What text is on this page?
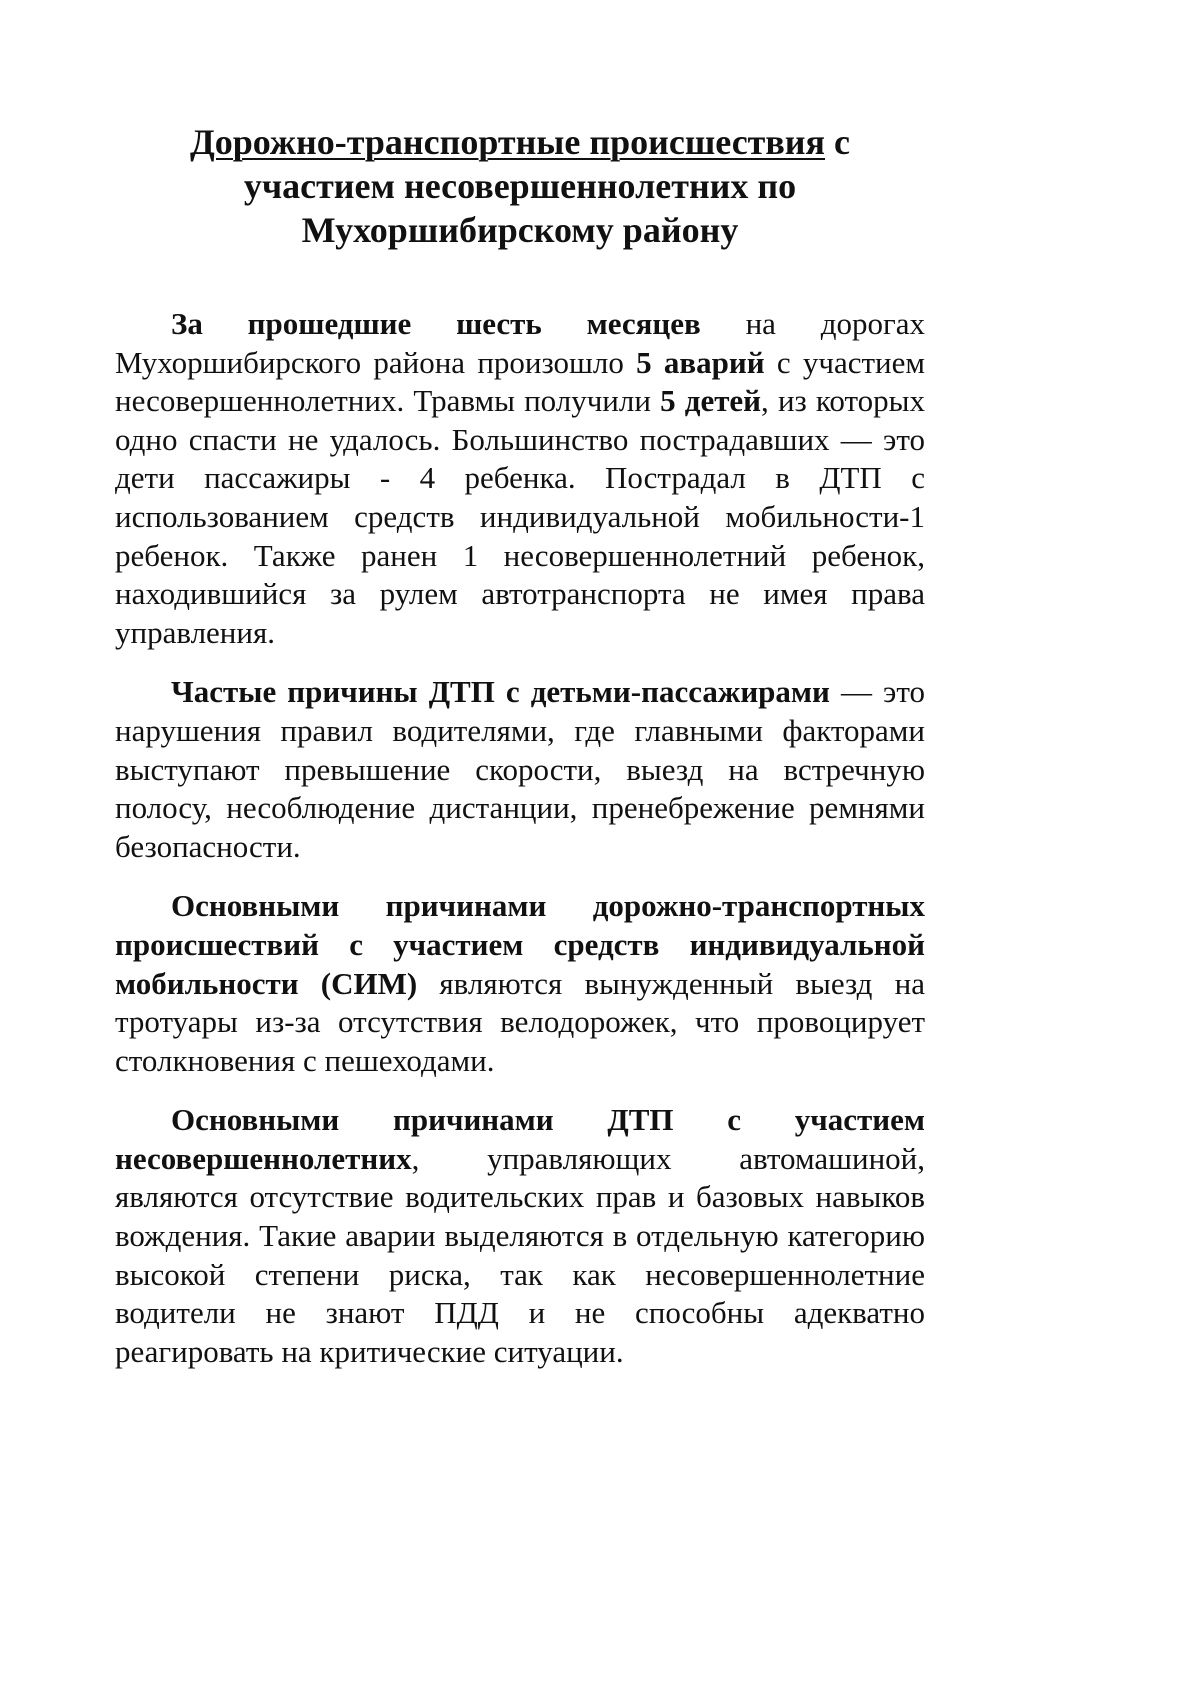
Дорожно-транспортные происшествия с участием несовершеннолетних по Мухоршибирскому району

За прошедшие шесть месяцев на дорогах Мухоршибирского района произошло 5 аварий с участием несовершеннолетних. Травмы получили 5 детей, из которых одно спасти не удалось. Большинство пострадавших — это дети пассажиры - 4 ребенка. Пострадал в ДТП с использованием средств индивидуальной мобильности-1 ребенок. Также ранен 1 несовершеннолетний ребенок, находившийся за рулем автотранспорта не имея права управления.

Частые причины ДТП с детьми-пассажирами — это нарушения правил водителями, где главными факторами выступают превышение скорости, выезд на встречную полосу, несоблюдение дистанции, пренебрежение ремнями безопасности.

Основными причинами дорожно-транспортных происшествий с участием средств индивидуальной мобильности (СИМ) являются вынужденный выезд на тротуары из-за отсутствия велодорожек, что провоцирует столкновения с пешеходами.

Основными причинами ДТП с участием несовершеннолетних, управляющих автомашиной, являются отсутствие водительских прав и базовых навыков вождения. Такие аварии выделяются в отдельную категорию высокой степени риска, так как несовершеннолетние водители не знают ПДД и не способны адекватно реагировать на критические ситуации.
